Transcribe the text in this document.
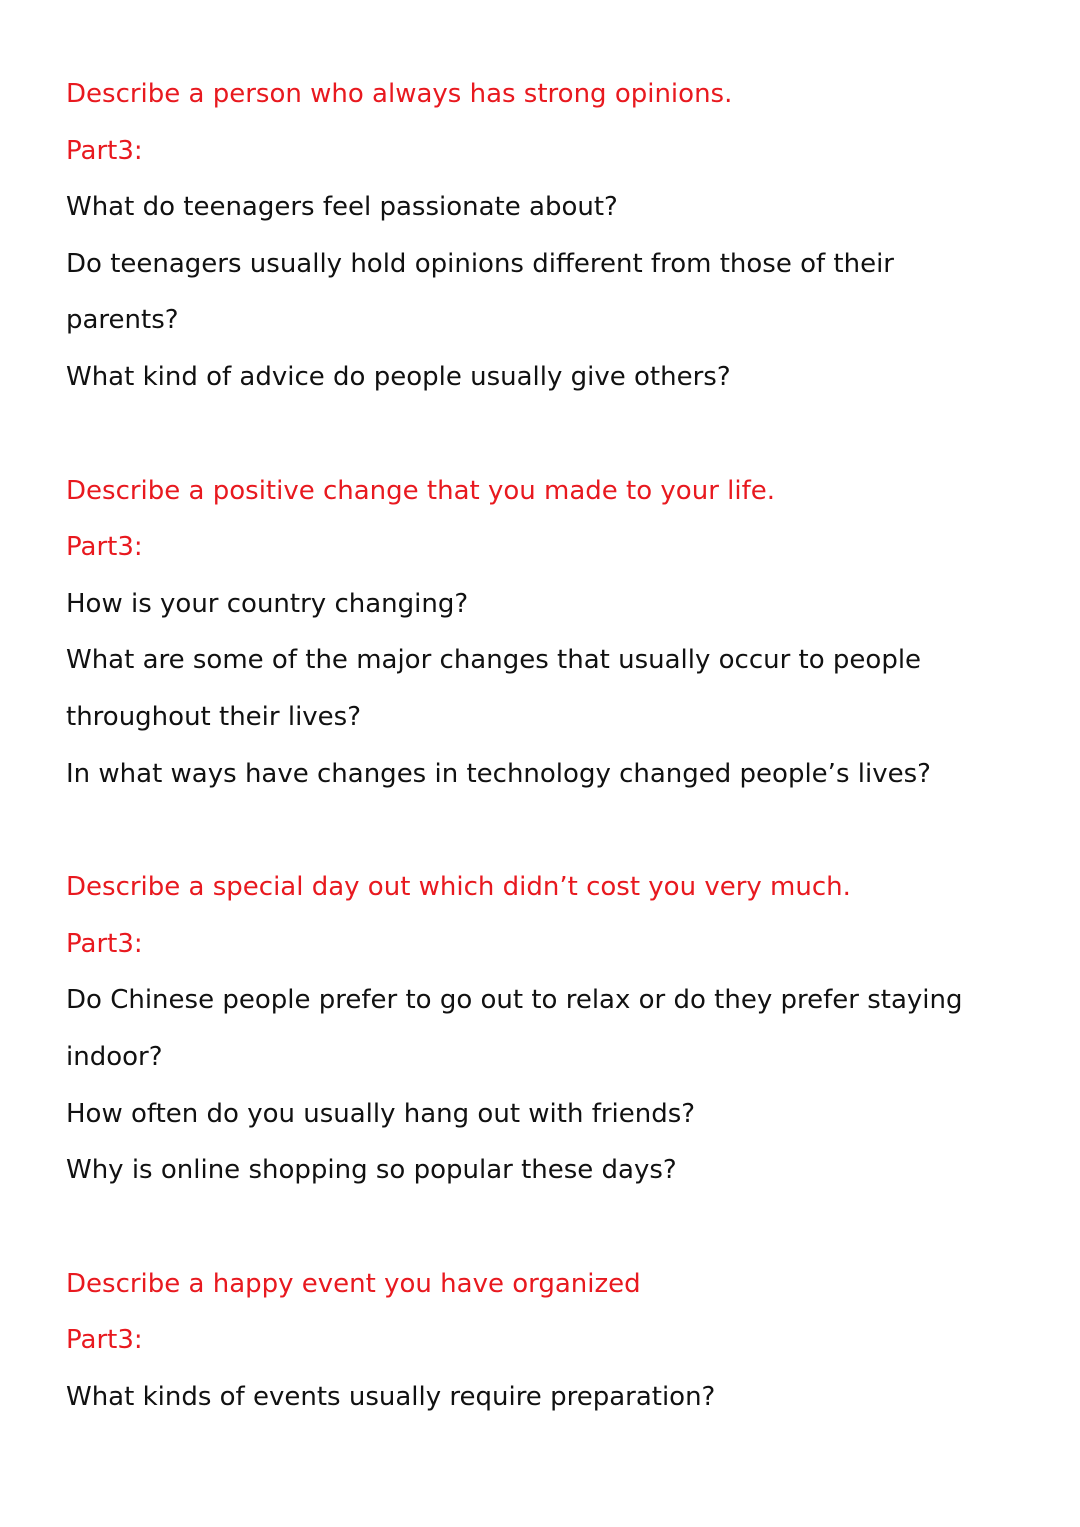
Describe a person who always has strong opinions.
Part3:
What do teenagers feel passionate about?
Do teenagers usually hold opinions different from those of their
parents?
What kind of advice do people usually give others?
Describe a positive change that you made to your life.
Part3:
How is your country changing?
What are some of the major changes that usually occur to people
throughout their lives?
In what ways have changes in technology changed people’s lives?
Describe a special day out which didn’t cost you very much.
Part3:
Do Chinese people prefer to go out to relax or do they prefer staying
indoor?
How often do you usually hang out with friends?
Why is online shopping so popular these days?
Describe a happy event you have organized
Part3:
What kinds of events usually require preparation?
